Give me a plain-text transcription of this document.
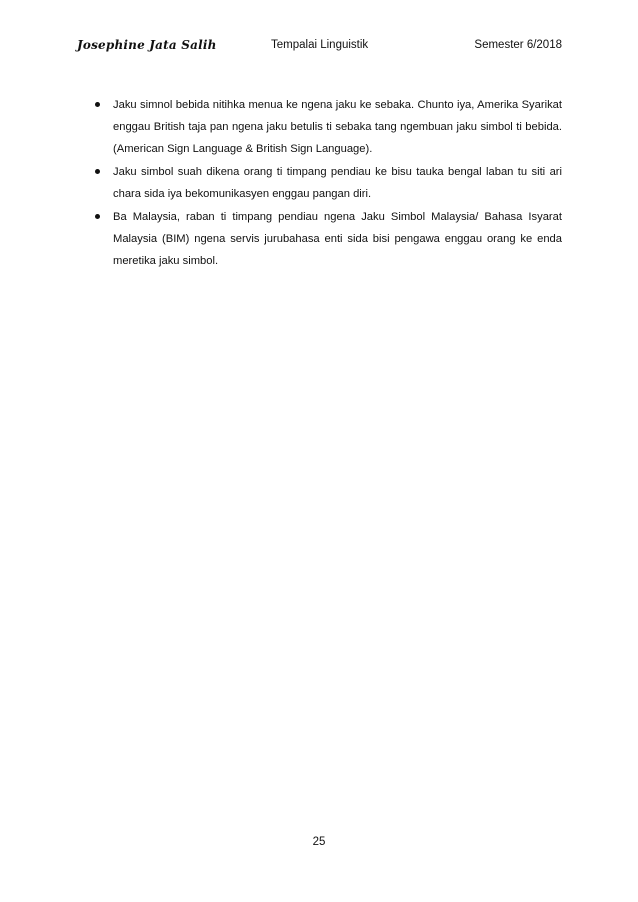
Josephine Jata Salih	Tempalai Linguistik	Semester 6/2018
Jaku simnol bebida nitihka menua ke ngena jaku ke sebaka. Chunto iya, Amerika Syarikat enggau British taja pan ngena jaku betulis ti sebaka tang ngembuan jaku simbol ti bebida. (American Sign Language & British Sign Language).
Jaku simbol suah dikena orang ti timpang pendiau ke bisu tauka bengal laban tu siti ari chara sida iya bekomunikasyen enggau pangan diri.
Ba Malaysia, raban ti timpang pendiau ngena Jaku Simbol Malaysia/ Bahasa Isyarat Malaysia (BIM) ngena servis jurubahasa enti sida bisi pengawa enggau orang ke enda meretika jaku simbol.
25
